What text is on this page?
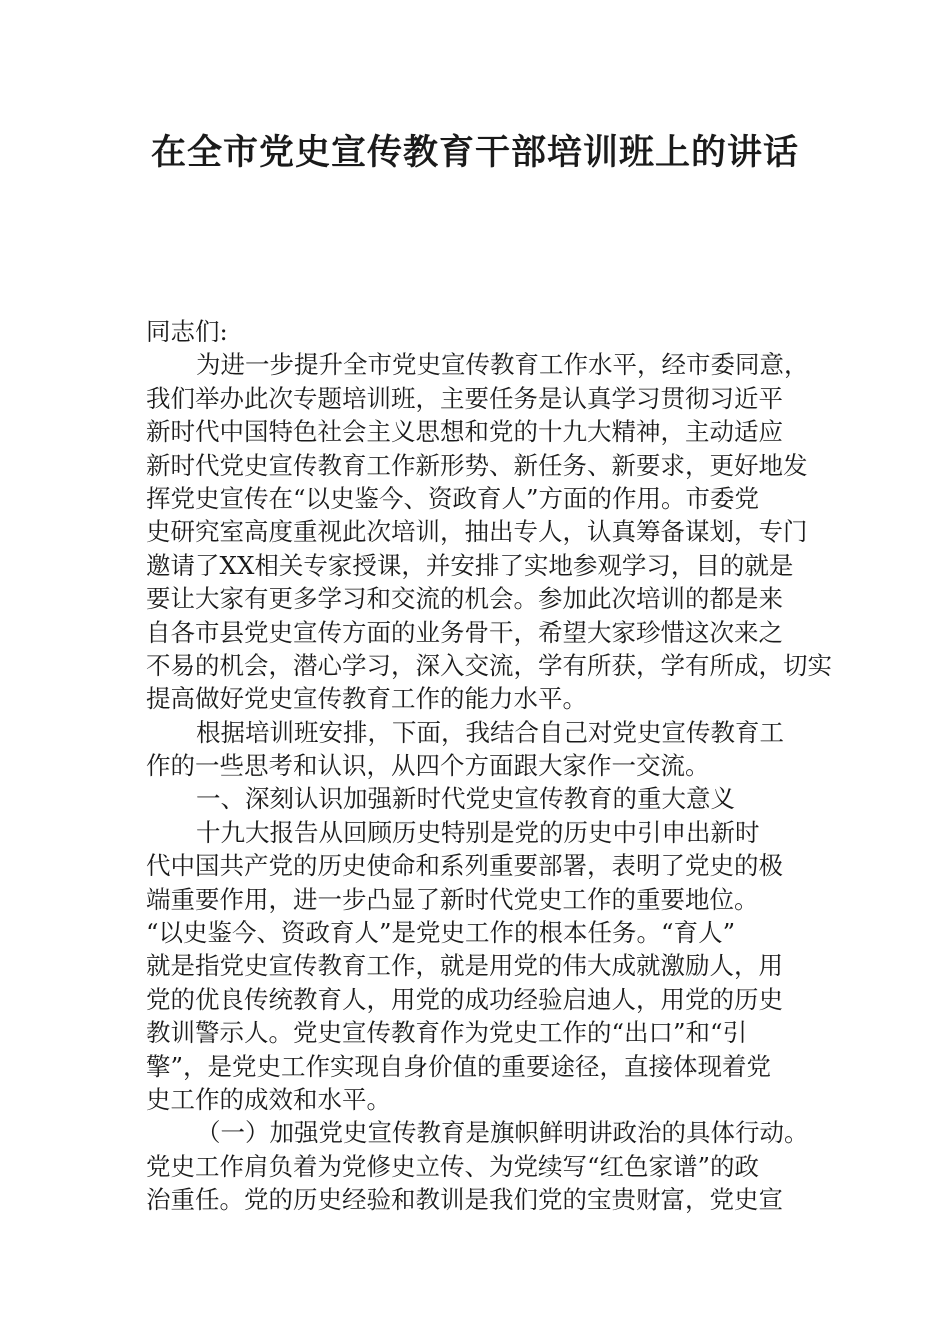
在全市党史宣传教育干部培训班上的讲话

同志们:

为进一步提升全市党史宣传教育工作水平，经市委同意，

我们举办此次专题培训班，主要任务是认真学习贯彻习近平

新时代中国特色社会主义思想和党的十九大精神，主动适应

新时代党史宣传教育工作新形势、新任务、新要求，更好地发

挥党史宣传在“以史鉴今、资政育人”方面的作用。市委党

史研究室高度重视此次培训，抽出专人，认真筹备谋划，专门

邀请了XX相关专家授课，并安排了实地参观学习，目的就是

要让大家有更多学习和交流的机会。参加此次培训的都是来

自各市县党史宣传方面的业务骨干，希望大家珍惜这次来之

不易的机会，潜心学习，深入交流，学有所获，学有所成，切实

提高做好党史宣传教育工作的能力水平。

根据培训班安排，下面，我结合自己对党史宣传教育工

作的一些思考和认识，从四个方面跟大家作一交流。

一、深刻认识加强新时代党史宣传教育的重大意义

十九大报告从回顾历史特别是党的历史中引申出新时

代中国共产党的历史使命和系列重要部署，表明了党史的极

端重要作用，进一步凸显了新时代党史工作的重要地位。

“以史鉴今、资政育人”是党史工作的根本任务。“育人”

就是指党史宣传教育工作，就是用党的伟大成就激励人，用

党的优良传统教育人，用党的成功经验启迪人，用党的历史

教训警示人。党史宣传教育作为党史工作的“出口”和“引

擎”，是党史工作实现自身价值的重要途径，直接体现着党

史工作的成效和水平。

（一）加强党史宣传教育是旗帜鲜明讲政治的具体行动。

党史工作肩负着为党修史立传、为党续写“红色家谱”的政

治重任。党的历史经验和教训是我们党的宝贵财富，党史宣
